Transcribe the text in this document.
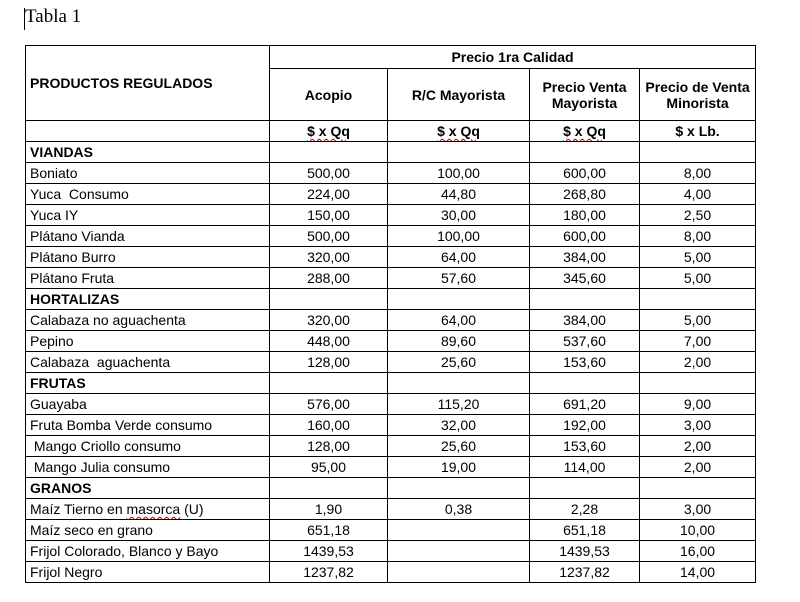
Tabla 1
PRODUCTOS REGULADOS	Precio 1ra Calidad			
	Acopio	R/C Mayorista	Precio Venta Mayorista	Precio de Venta Minorista
	$ x Qq	$ x Qq	$ x Qq	$ x Lb.
VIANDAS				
Boniato	500,00	100,00	600,00	8,00
Yuca  Consumo	224,00	44,80	268,80	4,00
Yuca IY	150,00	30,00	180,00	2,50
Plátano Vianda	500,00	100,00	600,00	8,00
Plátano Burro	320,00	64,00	384,00	5,00
Plátano Fruta	288,00	57,60	345,60	5,00
HORTALIZAS				
Calabaza no aguachenta	320,00	64,00	384,00	5,00
Pepino	448,00	89,60	537,60	7,00
Calabaza  aguachenta	128,00	25,60	153,60	2,00
FRUTAS				
Guayaba	576,00	115,20	691,20	9,00
Fruta Bomba Verde consumo	160,00	32,00	192,00	3,00
Mango Criollo consumo	128,00	25,60	153,60	2,00
Mango Julia consumo	95,00	19,00	114,00	2,00
GRANOS				
Maíz Tierno en masorca (U)	1,90	0,38	2,28	3,00
Maíz seco en grano	651,18		651,18	10,00
Frijol Colorado, Blanco y Bayo	1439,53		1439,53	16,00
Frijol Negro	1237,82		1237,82	14,00
